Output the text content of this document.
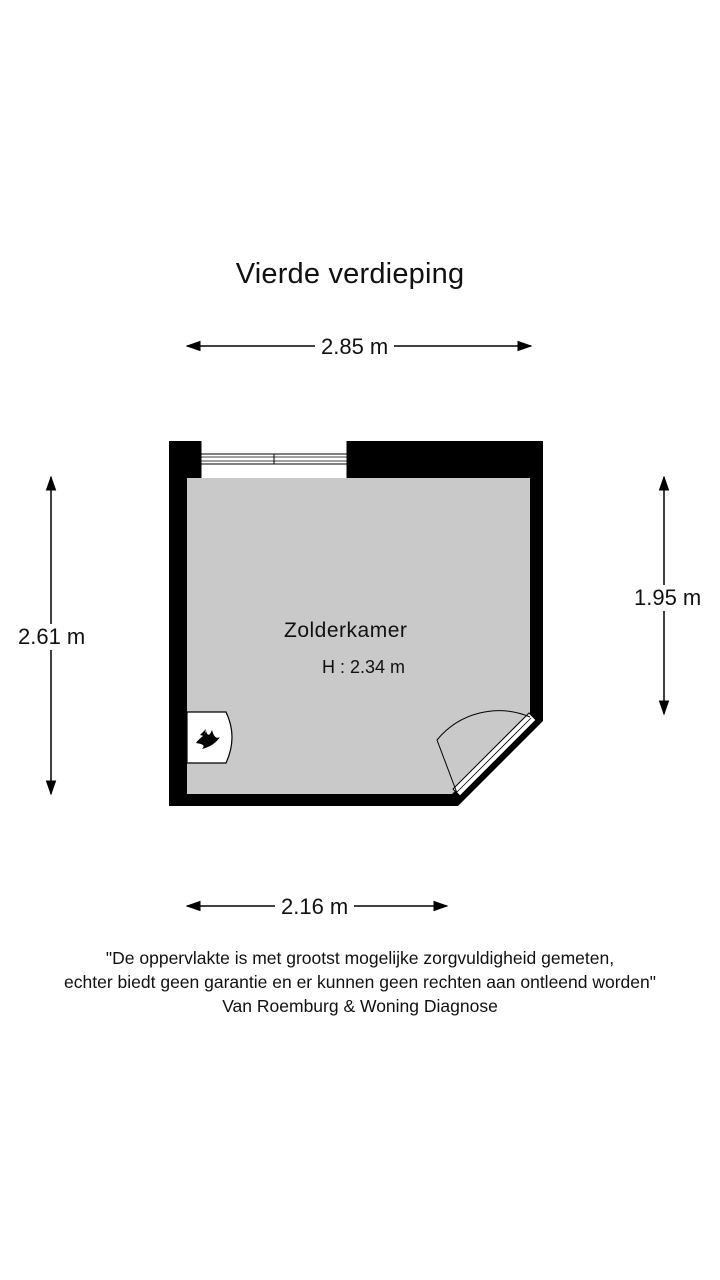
Vierde verdieping
2.85 m
2.16 m
2.61 m
1.95 m
Zolderkamer
H : 2.34 m
"De oppervlakte is met grootst mogelijke zorgvuldigheid gemeten,
echter biedt geen garantie en er kunnen geen rechten aan ontleend worden"
Van Roemburg & Woning Diagnose
